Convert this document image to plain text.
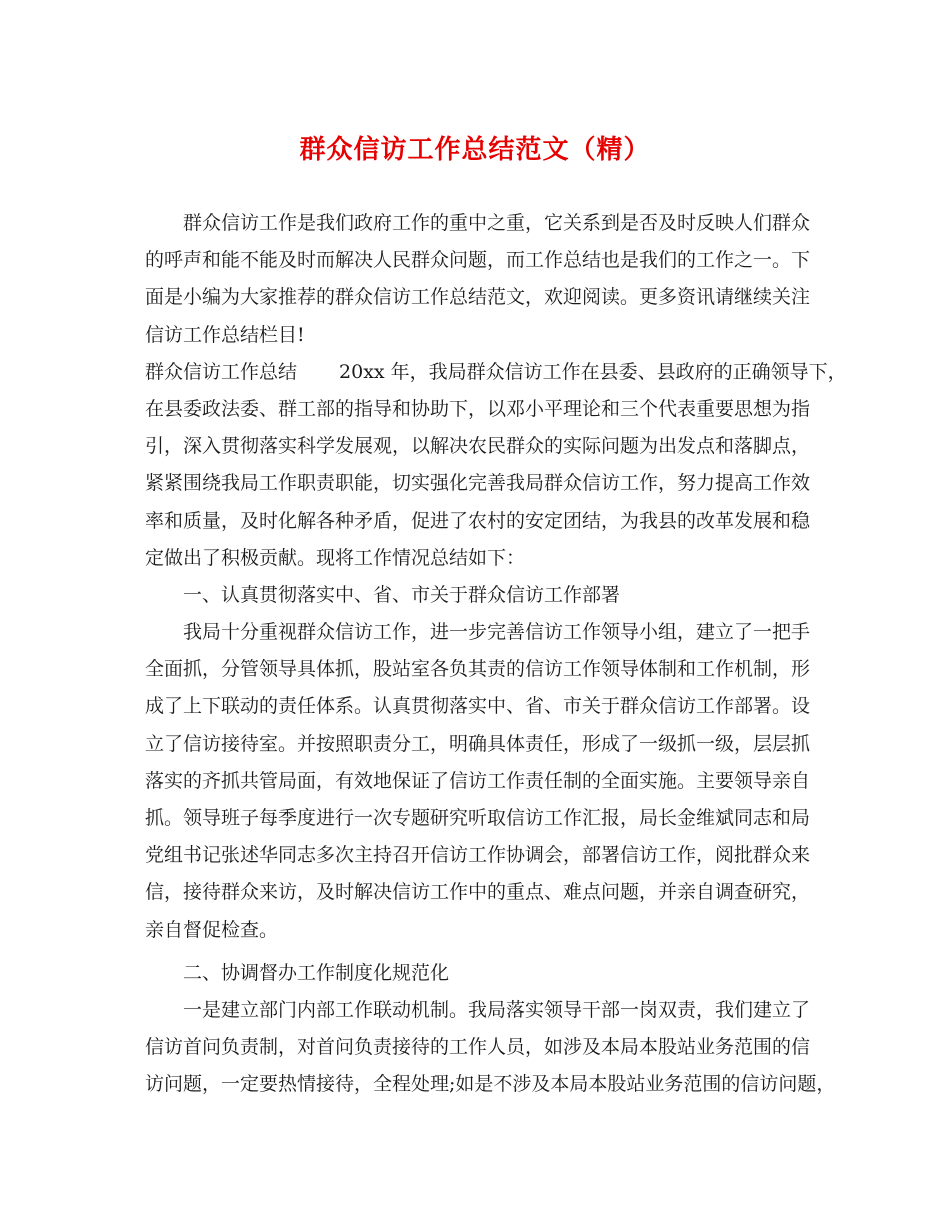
群众信访工作总结范文（精）
群众信访工作是我们政府工作的重中之重，它关系到是否及时反映人们群众
的呼声和能不能及时而解决人民群众问题，而工作总结也是我们的工作之一。下
面是小编为大家推荐的群众信访工作总结范文，欢迎阅读。更多资讯请继续关注
信访工作总结栏目!
群众信访工作总结 20xx 年，我局群众信访工作在县委、县政府的正确领导下，
在县委政法委、群工部的指导和协助下，以邓小平理论和三个代表重要思想为指
引，深入贯彻落实科学发展观，以解决农民群众的实际问题为出发点和落脚点，
紧紧围绕我局工作职责职能，切实强化完善我局群众信访工作，努力提高工作效
率和质量，及时化解各种矛盾，促进了农村的安定团结，为我县的改革发展和稳
定做出了积极贡献。现将工作情况总结如下：
一、认真贯彻落实中、省、市关于群众信访工作部署
我局十分重视群众信访工作，进一步完善信访工作领导小组，建立了一把手
全面抓，分管领导具体抓，股站室各负其责的信访工作领导体制和工作机制，形
成了上下联动的责任体系。认真贯彻落实中、省、市关于群众信访工作部署。设
立了信访接待室。并按照职责分工，明确具体责任，形成了一级抓一级，层层抓
落实的齐抓共管局面，有效地保证了信访工作责任制的全面实施。主要领导亲自
抓。领导班子每季度进行一次专题研究听取信访工作汇报，局长金维斌同志和局
党组书记张述华同志多次主持召开信访工作协调会，部署信访工作，阅批群众来
信，接待群众来访，及时解决信访工作中的重点、难点问题，并亲自调查研究，
亲自督促检查。
二、协调督办工作制度化规范化
一是建立部门内部工作联动机制。我局落实领导干部一岗双责，我们建立了
信访首问负责制，对首问负责接待的工作人员，如涉及本局本股站业务范围的信
访问题，一定要热情接待，全程处理;如是不涉及本局本股站业务范围的信访问题，
